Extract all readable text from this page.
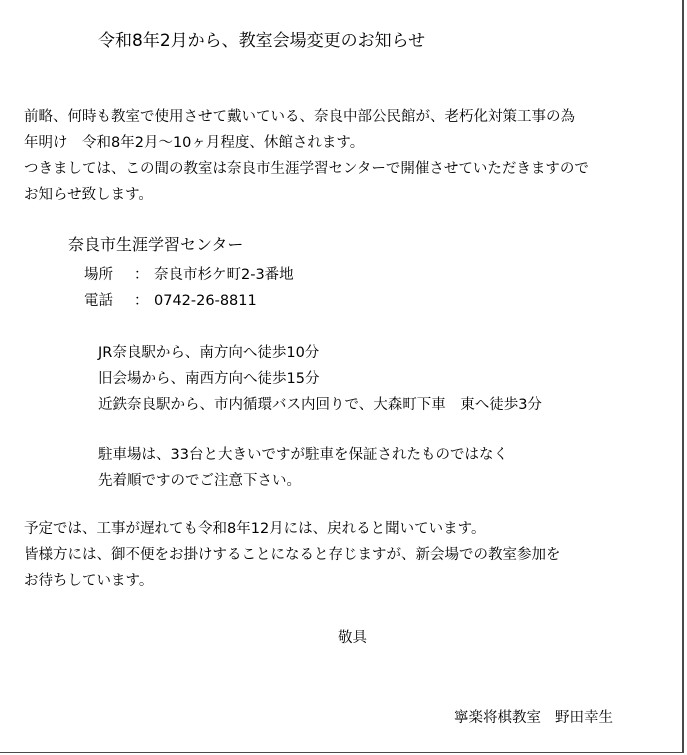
令和8年2月から、教室会場変更のお知らせ
前略、何時も教室で使用させて戴いている、奈良中部公民館が、老朽化対策工事の為
年明け　令和8年2月～10ヶ月程度、休館されます。
つきましては、この間の教室は奈良市生涯学習センターで開催させていただきますので
お知らせ致します。
奈良市生涯学習センター
場所 ： 奈良市杉ケ町2-3番地
電話 ： 0742-26-8811
JR奈良駅から、南方向へ徒歩10分
旧会場から、南西方向へ徒歩15分
近鉄奈良駅から、市内循環バス内回りで、大森町下車　東へ徒歩3分
駐車場は、33台と大きいですが駐車を保証されたものではなく
先着順ですのでご注意下さい。
予定では、工事が遅れても令和8年12月には、戻れると聞いています。
皆様方には、御不便をお掛けすることになると存じますが、新会場での教室参加を
お待ちしています。
敬具
寧楽将棋教室 野田幸生
